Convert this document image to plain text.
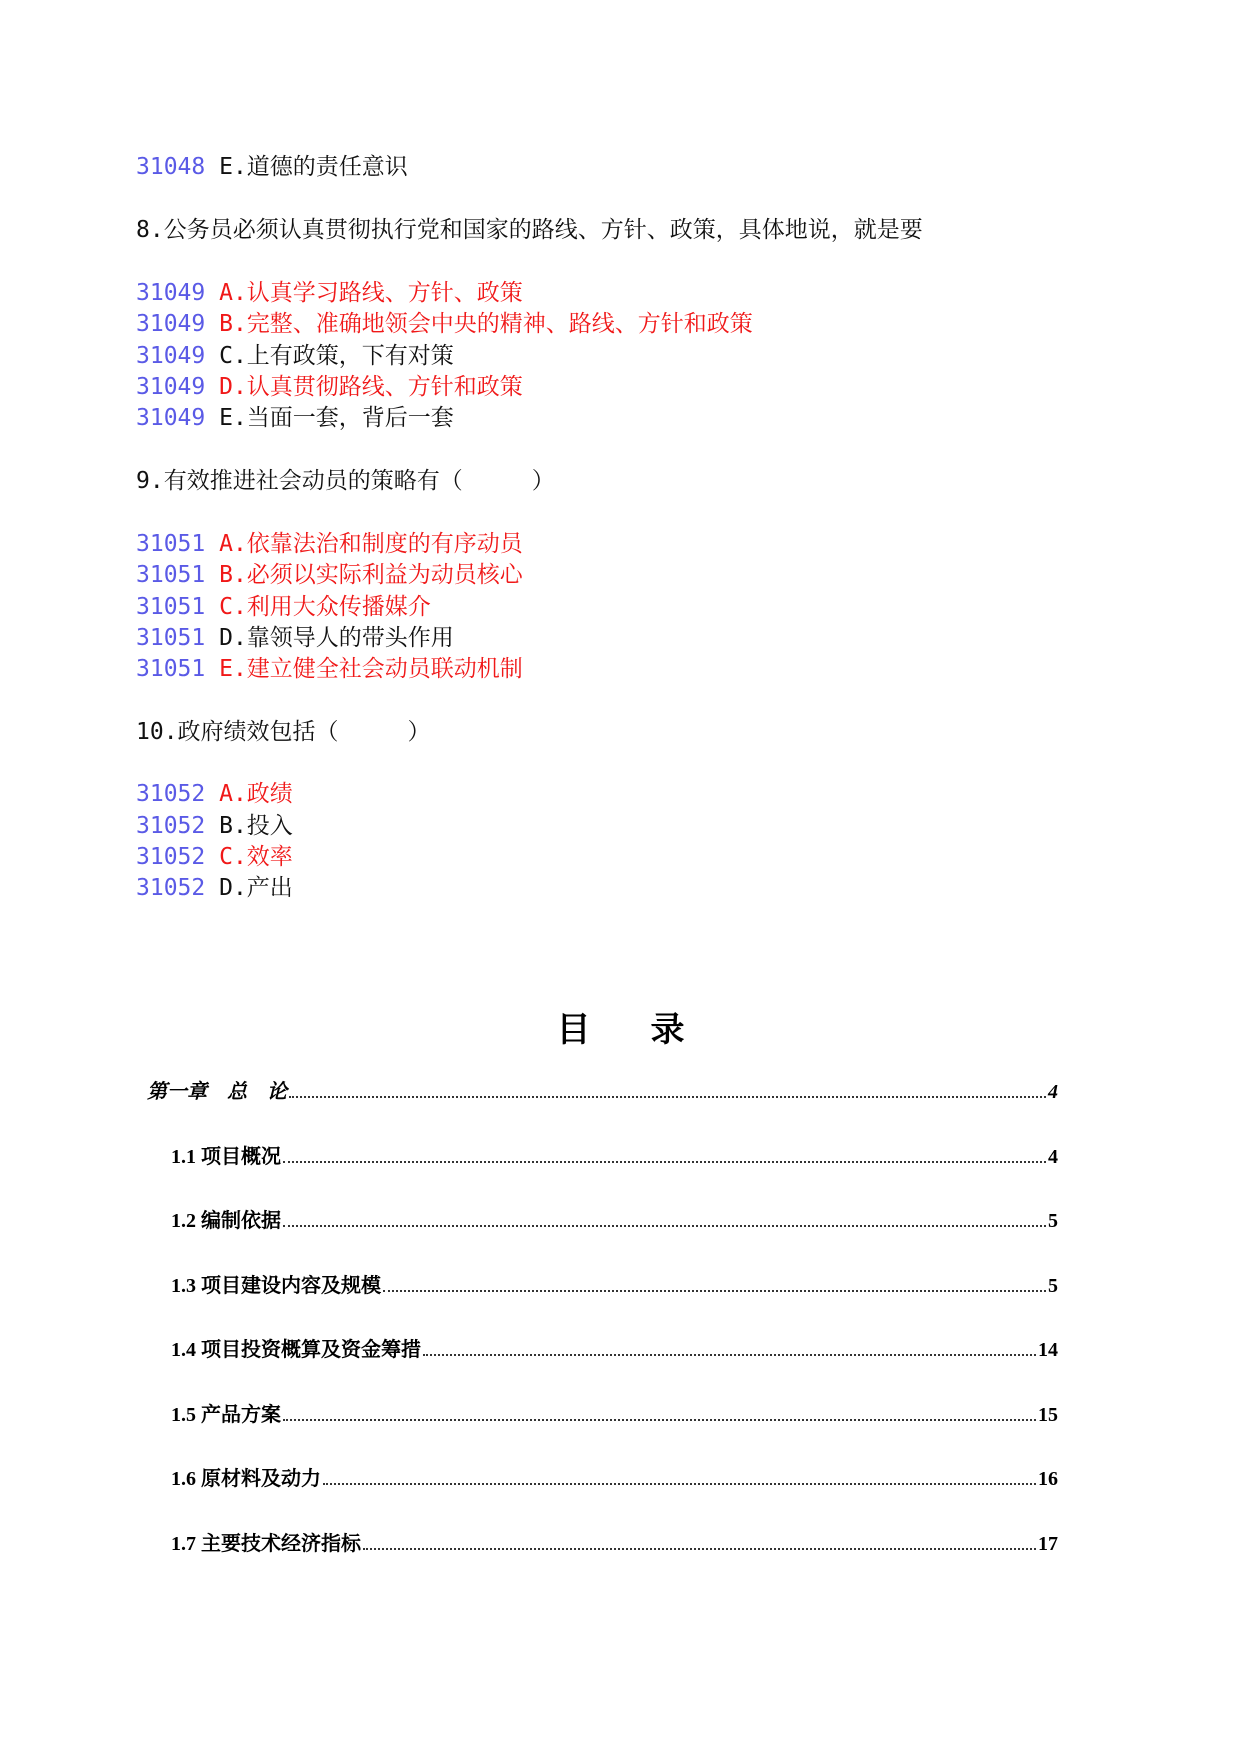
31048 E.道德的责任意识
8.公务员必须认真贯彻执行党和国家的路线、方针、政策，具体地说，就是要
31049 A.认真学习路线、方针、政策
31049 B.完整、准确地领会中央的精神、路线、方针和政策
31049 C.上有政策，下有对策
31049 D.认真贯彻路线、方针和政策
31049 E.当面一套，背后一套
9.有效推进社会动员的策略有（　　　）
31051 A.依靠法治和制度的有序动员
31051 B.必须以实际利益为动员核心
31051 C.利用大众传播媒介
31051 D.靠领导人的带头作用
31051 E.建立健全社会动员联动机制
10.政府绩效包括（　　　）
31052 A.政绩
31052 B.投入
31052 C.效率
31052 D.产出
目 录
第一章　总　论	4
1.1 项目概况	4
1.2 编制依据	5
1.3 项目建设内容及规模	5
1.4 项目投资概算及资金筹措	14
1.5 产品方案	15
1.6 原材料及动力	16
1.7 主要技术经济指标	17
